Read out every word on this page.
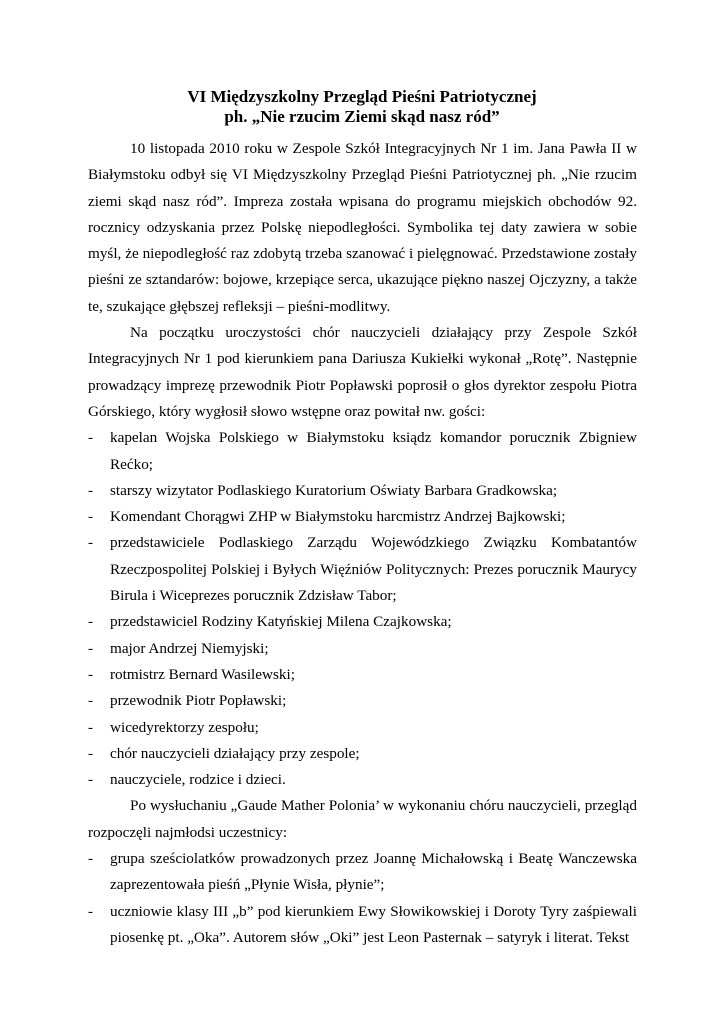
VI Międzyszkolny Przegląd Pieśni Patriotycznej
ph. „Nie rzucim Ziemi skąd nasz ród”

10 listopada 2010 roku w Zespole Szkół Integracyjnych Nr 1 im. Jana Pawła II w Białymstoku odbył się VI Międzyszkolny Przegląd Pieśni Patriotycznej ph. „Nie rzucim ziemi skąd nasz ród”. Impreza została wpisana do programu miejskich obchodów 92. rocznicy odzyskania przez Polskę niepodległości. Symbolika tej daty zawiera w sobie myśl, że niepodległość raz zdobytą trzeba szanować i pielęgnować. Przedstawione zostały pieśni ze sztandarów: bojowe, krzepiące serca, ukazujące piękno naszej Ojczyzny, a także te, szukające głębszej refleksji – pieśni-modlitwy.

Na początku uroczystości chór nauczycieli działający przy Zespole Szkół Integracyjnych Nr 1 pod kierunkiem pana Dariusza Kukiełki wykonał „Rotę”. Następnie prowadzący imprezę przewodnik Piotr Popławski poprosił o głos dyrektor zespołu Piotra Górskiego, który wygłosił słowo wstępne oraz powitał nw. gości:

- kapelan Wojska Polskiego w Białymstoku ksiądz komandor porucznik Zbigniew Rećko;
- starszy wizytator Podlaskiego Kuratorium Oświaty Barbara Gradkowska;
- Komendant Chorągwi ZHP w Białymstoku harcmistrz Andrzej Bajkowski;
- przedstawiciele Podlaskiego Zarządu Wojewódzkiego Związku Kombatantów Rzeczpospolitej Polskiej i Byłych Więźniów Politycznych: Prezes porucznik Maurycy Birula i Wiceprezes porucznik Zdzisław Tabor;
- przedstawiciel Rodziny Katyńskiej Milena Czajkowska;
- major Andrzej Niemyjski;
- rotmistrz Bernard Wasilewski;
- przewodnik Piotr Popławski;
- wicedyrektorzy zespołu;
- chór nauczycieli działający przy zespole;
- nauczyciele, rodzice i dzieci.

Po wysłuchaniu „Gaude Mather Polonia’ w wykonaniu chóru nauczycieli, przegląd rozpoczęli najmłodsi uczestnicy:

- grupa sześciolatków prowadzonych przez Joannę Michałowską i Beatę Wanczewska zaprezentowała pieśń „Płynie Wisła, płynie”;
- uczniowie klasy III „b” pod kierunkiem Ewy Słowikowskiej i Doroty Tyry zaśpiewali piosenkę pt. „Oka”. Autorem słów „Oki” jest Leon Pasternak – satyryk i literat. Tekst
